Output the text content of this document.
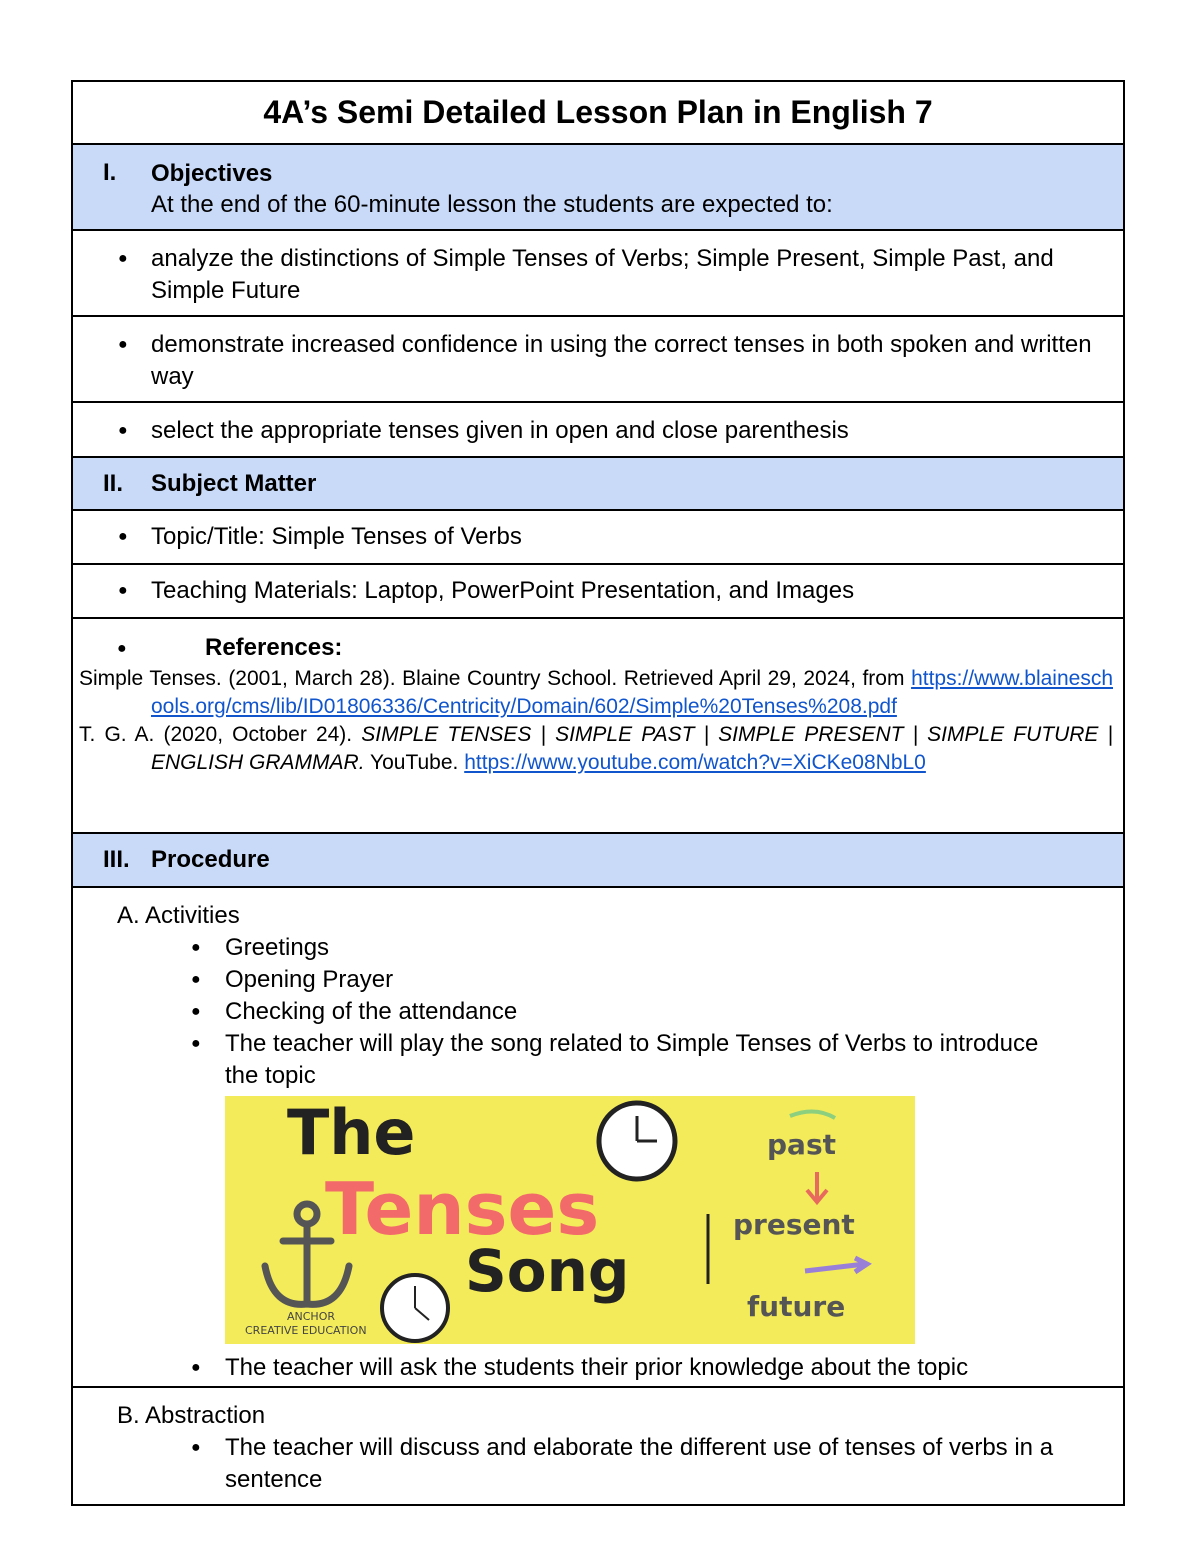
4A’s Semi Detailed Lesson Plan in English 7
I.	Objectives
At the end of the 60-minute lesson the students are expected to:
● analyze the distinctions of Simple Tenses of Verbs; Simple Present, Simple Past, and Simple Future
● demonstrate increased confidence in using the correct tenses in both spoken and written way
● select the appropriate tenses given in open and close parenthesis
II.	Subject Matter
● Topic/Title: Simple Tenses of Verbs
● Teaching Materials: Laptop, PowerPoint Presentation, and Images
●	References:
Simple Tenses. (2001, March 28). Blaine Country School. Retrieved April 29, 2024, from https://www.blaineschools.org/cms/lib/ID01806336/Centricity/Domain/602/Simple%20Tenses%208.pdf
T. G. A. (2020, October 24). SIMPLE TENSES | SIMPLE PAST | SIMPLE PRESENT | SIMPLE FUTURE | ENGLISH GRAMMAR. YouTube. https://www.youtube.com/watch?v=XiCKe08NbL0
III. Procedure
A. Activities
●	Greetings
●	Opening Prayer
●	Checking of the attendance
●	The teacher will play the song related to Simple Tenses of Verbs to introduce the topic
The
Tenses
Song
ANCHOR
CREATIVE EDUCATION
past
present
future
●	The teacher will ask the students their prior knowledge about the topic
B. Abstraction
●	The teacher will discuss and elaborate the different use of tenses of verbs in a sentence
